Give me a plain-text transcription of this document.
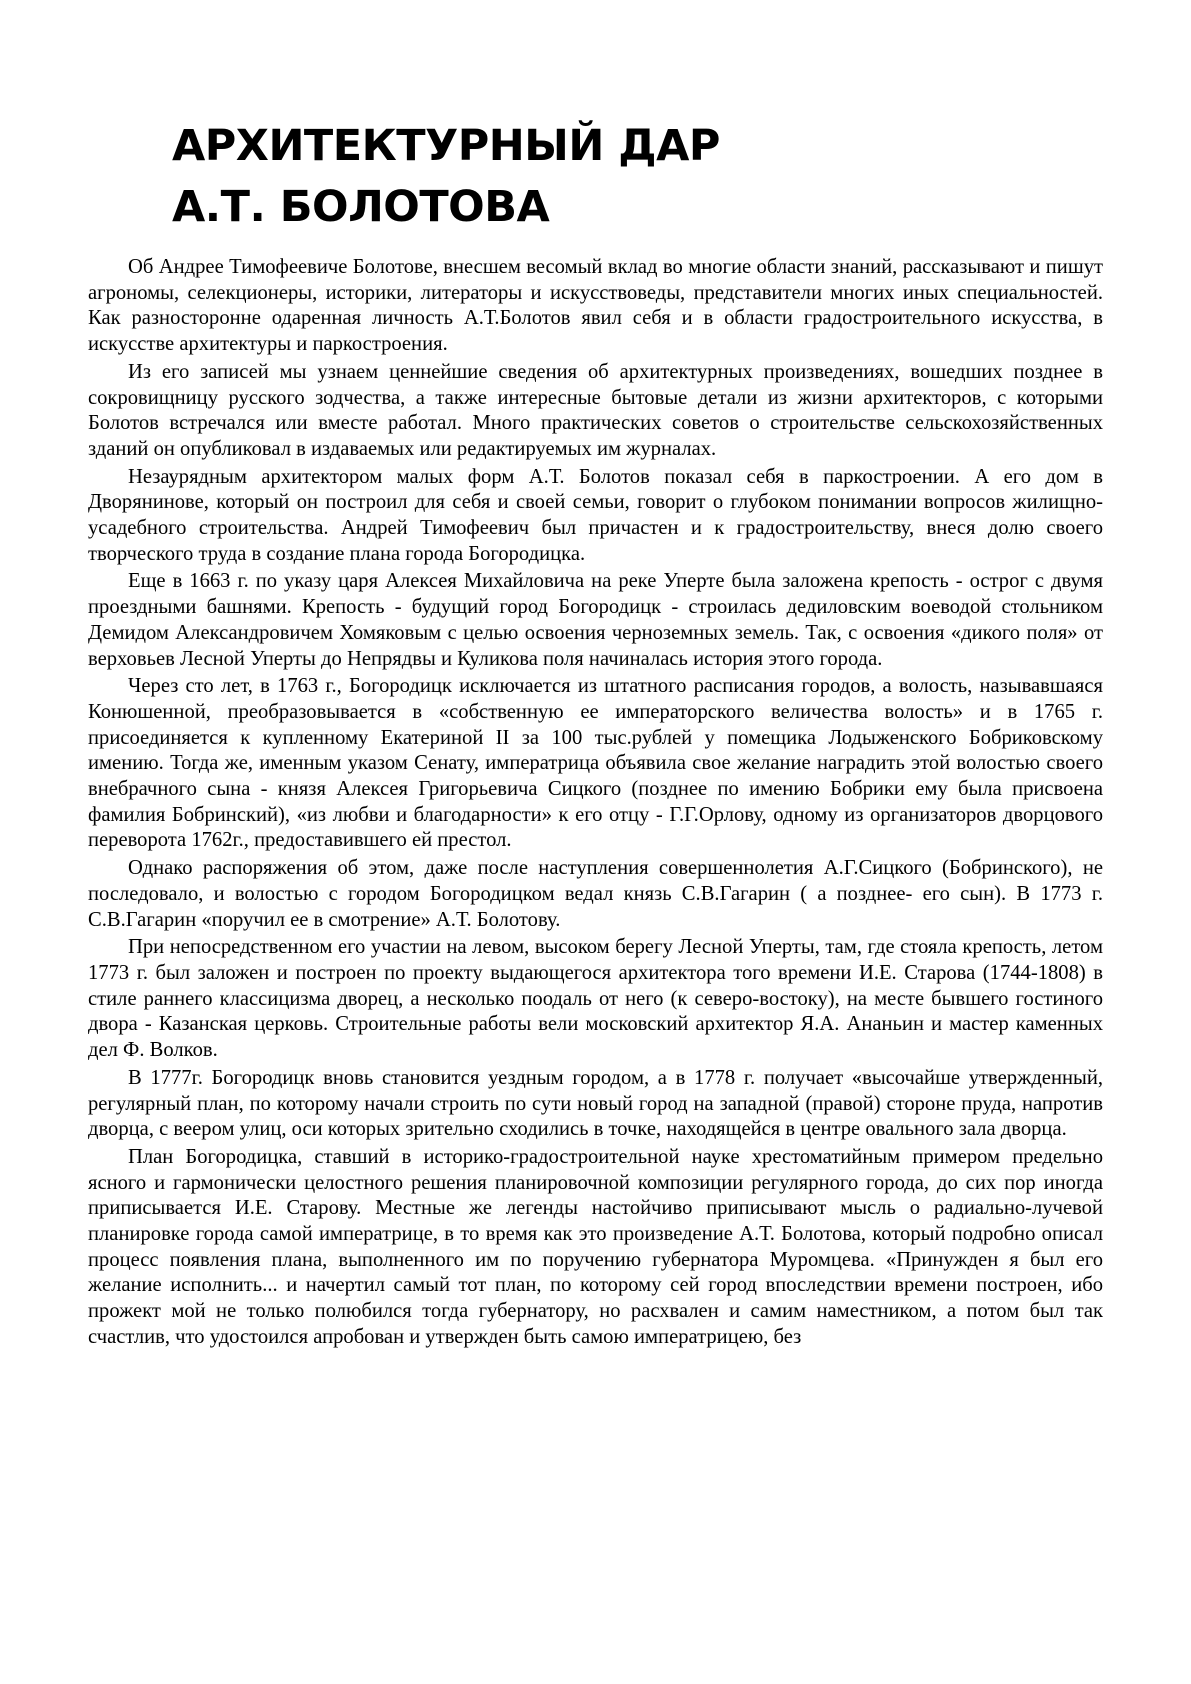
АРХИТЕКТУРНЫЙ ДАР
А.Т. БОЛОТОВА

Об Андрее Тимофеевиче Болотове, внесшем весомый вклад во многие области знаний, рассказывают и пишут агрономы, селекционеры, историки, литераторы и искусствоведы, представители многих иных специальностей. Как разносторонне одаренная личность А.Т.Болотов явил себя и в области градостроительного искусства, в искусстве архитектуры и паркостроения.

Из его записей мы узнаем ценнейшие сведения об архитектурных произведениях, вошедших позднее в сокровищницу русского зодчества, а также интересные бытовые детали из жизни архитекторов, с которыми Болотов встречался или вместе работал. Много практических советов о строительстве сельскохозяйственных зданий он опубликовал в издаваемых или редактируемых им журналах.

Незаурядным архитектором малых форм А.Т. Болотов показал себя в паркостроении. А его дом в Дворянинове, который он построил для себя и своей семьи, говорит о глубоком понимании вопросов жилищно-усадебного строительства. Андрей Тимофеевич был причастен и к градостроительству, внеся долю своего творческого труда в создание плана города Богородицка.

Еще в 1663 г. по указу царя Алексея Михайловича на реке Уперте была заложена крепость - острог с двумя проездными башнями. Крепость - будущий город Богородицк - строилась дедиловским воеводой стольником Демидом Александровичем Хомяковым с целью освоения черноземных земель. Так, с освоения «дикого поля» от верховьев Лесной Уперты до Непрядвы и Куликова поля начиналась история этого города.

Через сто лет, в 1763 г., Богородицк исключается из штатного расписания городов, а волость, называвшаяся Конюшенной, преобразовывается в «собственную ее императорского величества волость» и в 1765 г. присоединяется к купленному Екатериной II за 100 тыс.рублей у помещика Лодыженского Бобриковскому имению. Тогда же, именным указом Сенату, императрица объявила свое желание наградить этой волостью своего внебрачного сына - князя Алексея Григорьевича Сицкого (позднее по имению Бобрики ему была присвоена фамилия Бобринский), «из любви и благодарности» к его отцу - Г.Г.Орлову, одному из организаторов дворцового переворота 1762г., предоставившего ей престол.

Однако распоряжения об этом, даже после наступления совершеннолетия А.Г.Сицкого (Бобринского), не последовало, и волостью с городом Богородицком ведал князь С.В.Гагарин ( а позднее- его сын). В 1773 г. С.В.Гагарин «поручил ее в смотрение» А.Т. Болотову.

При непосредственном его участии на левом, высоком берегу Лесной Уперты, там, где стояла крепость, летом 1773 г. был заложен и построен по проекту выдающегося архитектора того времени И.Е. Старова (1744-1808) в стиле раннего классицизма дворец, а несколько поодаль от него (к северо-востоку), на месте бывшего гостиного двора - Казанская церковь. Строительные работы вели московский архитектор Я.А. Ананьин и мастер каменных дел Ф. Волков.

В 1777г. Богородицк вновь становится уездным городом, а в 1778 г. получает «высочайше утвержденный, регулярный план, по которому начали строить по сути новый город на западной (правой) стороне пруда, напротив дворца, с веером улиц, оси которых зрительно сходились в точке, находящейся в центре овального зала дворца.

План Богородицка, ставший в историко-градостроительной науке хрестоматийным примером предельно ясного и гармонически целостного решения планировочной композиции регулярного города, до сих пор иногда приписывается И.Е. Старову. Местные же легенды настойчиво приписывают мысль о радиально-лучевой планировке города самой императрице, в то время как это произведение А.Т. Болотова, который подробно описал процесс появления плана, выполненного им по поручению губернатора Муромцева. «Принужден я был его желание исполнить... и начертил самый тот план, по которому сей город впоследствии времени построен, ибо прожект мой не только полюбился тогда губернатору, но расхвален и самим наместником, а потом был так счастлив, что удостоился апробован и утвержден быть самою императрицею, без
